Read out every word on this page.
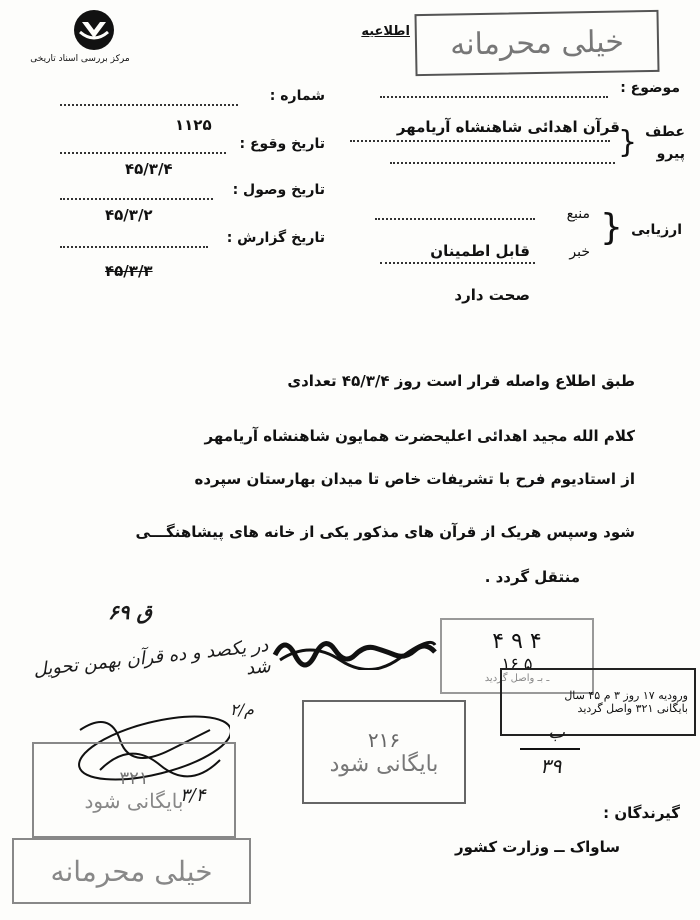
مرکز بررسی اسناد تاریخی
اطلاعیه خیلی محرمانه
شماره :
۱۱۲۵
تاریخ وقوع :
۴۵/۳/۴
تاریخ وصول :
۴۵/۳/۲
تاریخ گزارش :
۴۵/۳/۳
موضوع :
قرآن اهدائی شاهنشاه آریامهر	عطف
پیرو
}
ارزیابی
}
منبع
خبر
قابل اطمینان
صحت دارد
طبق اطلاع واصله قرار است روز ۴۵/۳/۴ تعدادی
کلام الله مجید اهدائی اعلیحضرت همایون شاهنشاه آریامهر
از استادیوم فرح با تشریفات خاص تا میدان بهارستان سپرده
شود وسپس هریک از قرآن های مذکور یکی از خانه های پیشاهنگـــی
منتقل گردد .
ق ۶۹
در یکصد و ده قرآن بهمن تحویل شد
۲/م
۳/۴
۴ ۹ ۴
۱۶ ۵
ـ بـ واصل گردید
ورودیه ۱۷ روز ۳ م ۴۵ سال
بایگانی ۳۲۱ واصل گردید
ب
۳۹
۲۱۶
بایگانی شود
۳۲۱
بایگانی شود
خیلی محرمانه
گیرندگان :
ساواک ــ وزارت کشور
